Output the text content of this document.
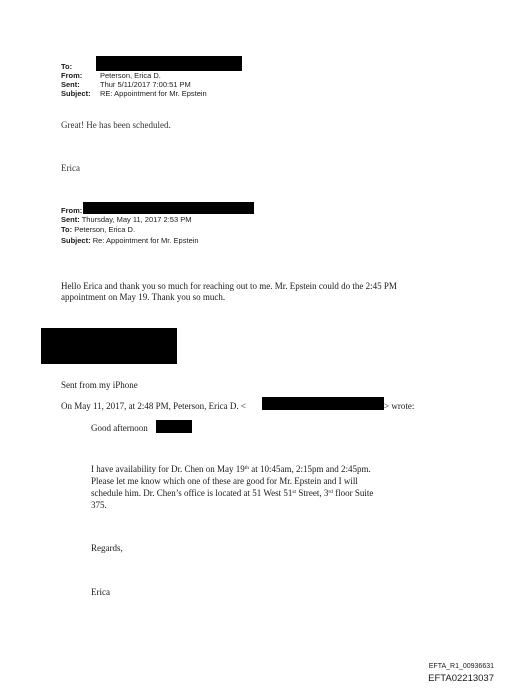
To:
From: Peterson, Erica D.
Sent:	Thur 5/11/2017 7:00:51 PM
Subject: RE: Appointment for Mr. Epstein
Great! He has been scheduled.
Erica
From:
Sent: Thursday, May 11, 2017 2:53 PM
To: Peterson, Erica D.
Subject: Re: Appointment for Mr. Epstein
Hello Erica and thank you so much for reaching out to me. Mr. Epstein could do the 2:45 PM
appointment on May 19. Thank you so much.
Sent from my iPhone
On May 11, 2017, at 2:48 PM, Peterson, Erica D. <	> wrote:
Good afternoon
I have availability for Dr. Chen on May 19th at 10:45am, 2:15pm and 2:45pm.
Please let me know which one of these are good for Mr. Epstein and I will
schedule him. Dr. Chen’s office is located at 51 West 51st Street, 3rd floor Suite
375.
Regards,
Erica
EFTA_R1_00936631
EFTA02213037
